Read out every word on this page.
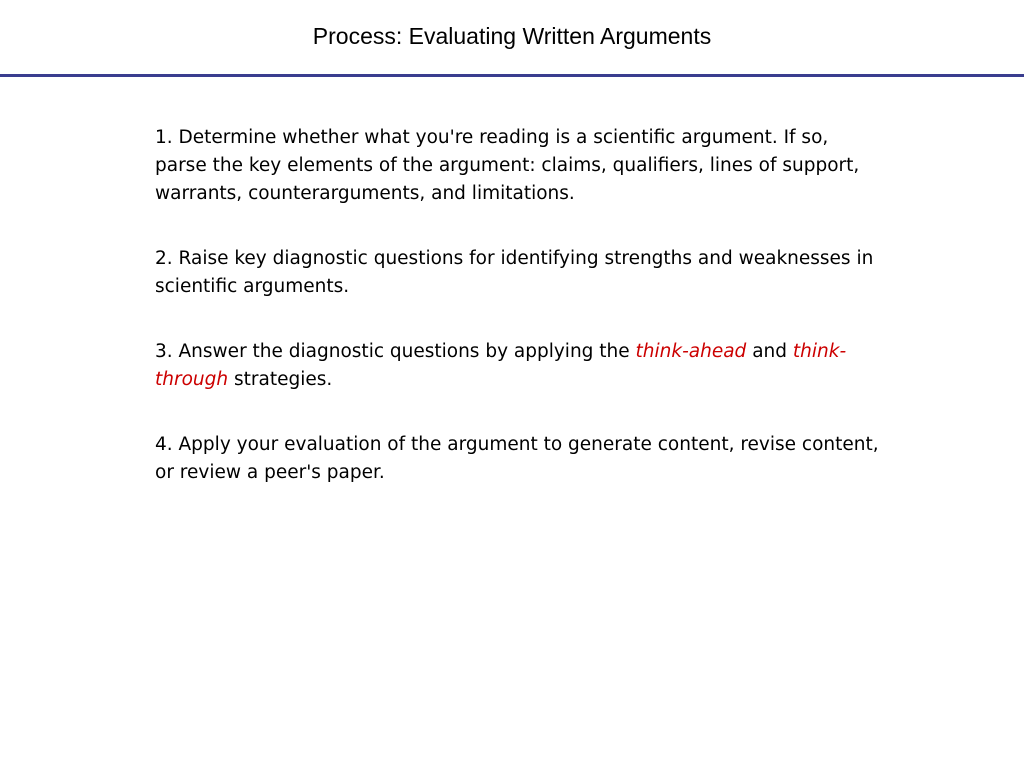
Process: Evaluating Written Arguments

1. Determine whether what you're reading is a scientific argument. If so, parse the key elements of the argument: claims, qualifiers, lines of support, warrants, counterarguments, and limitations.

2. Raise key diagnostic questions for identifying strengths and weaknesses in scientific arguments.

3. Answer the diagnostic questions by applying the think-ahead and think-through strategies.

4. Apply your evaluation of the argument to generate content, revise content, or review a peer's paper.
